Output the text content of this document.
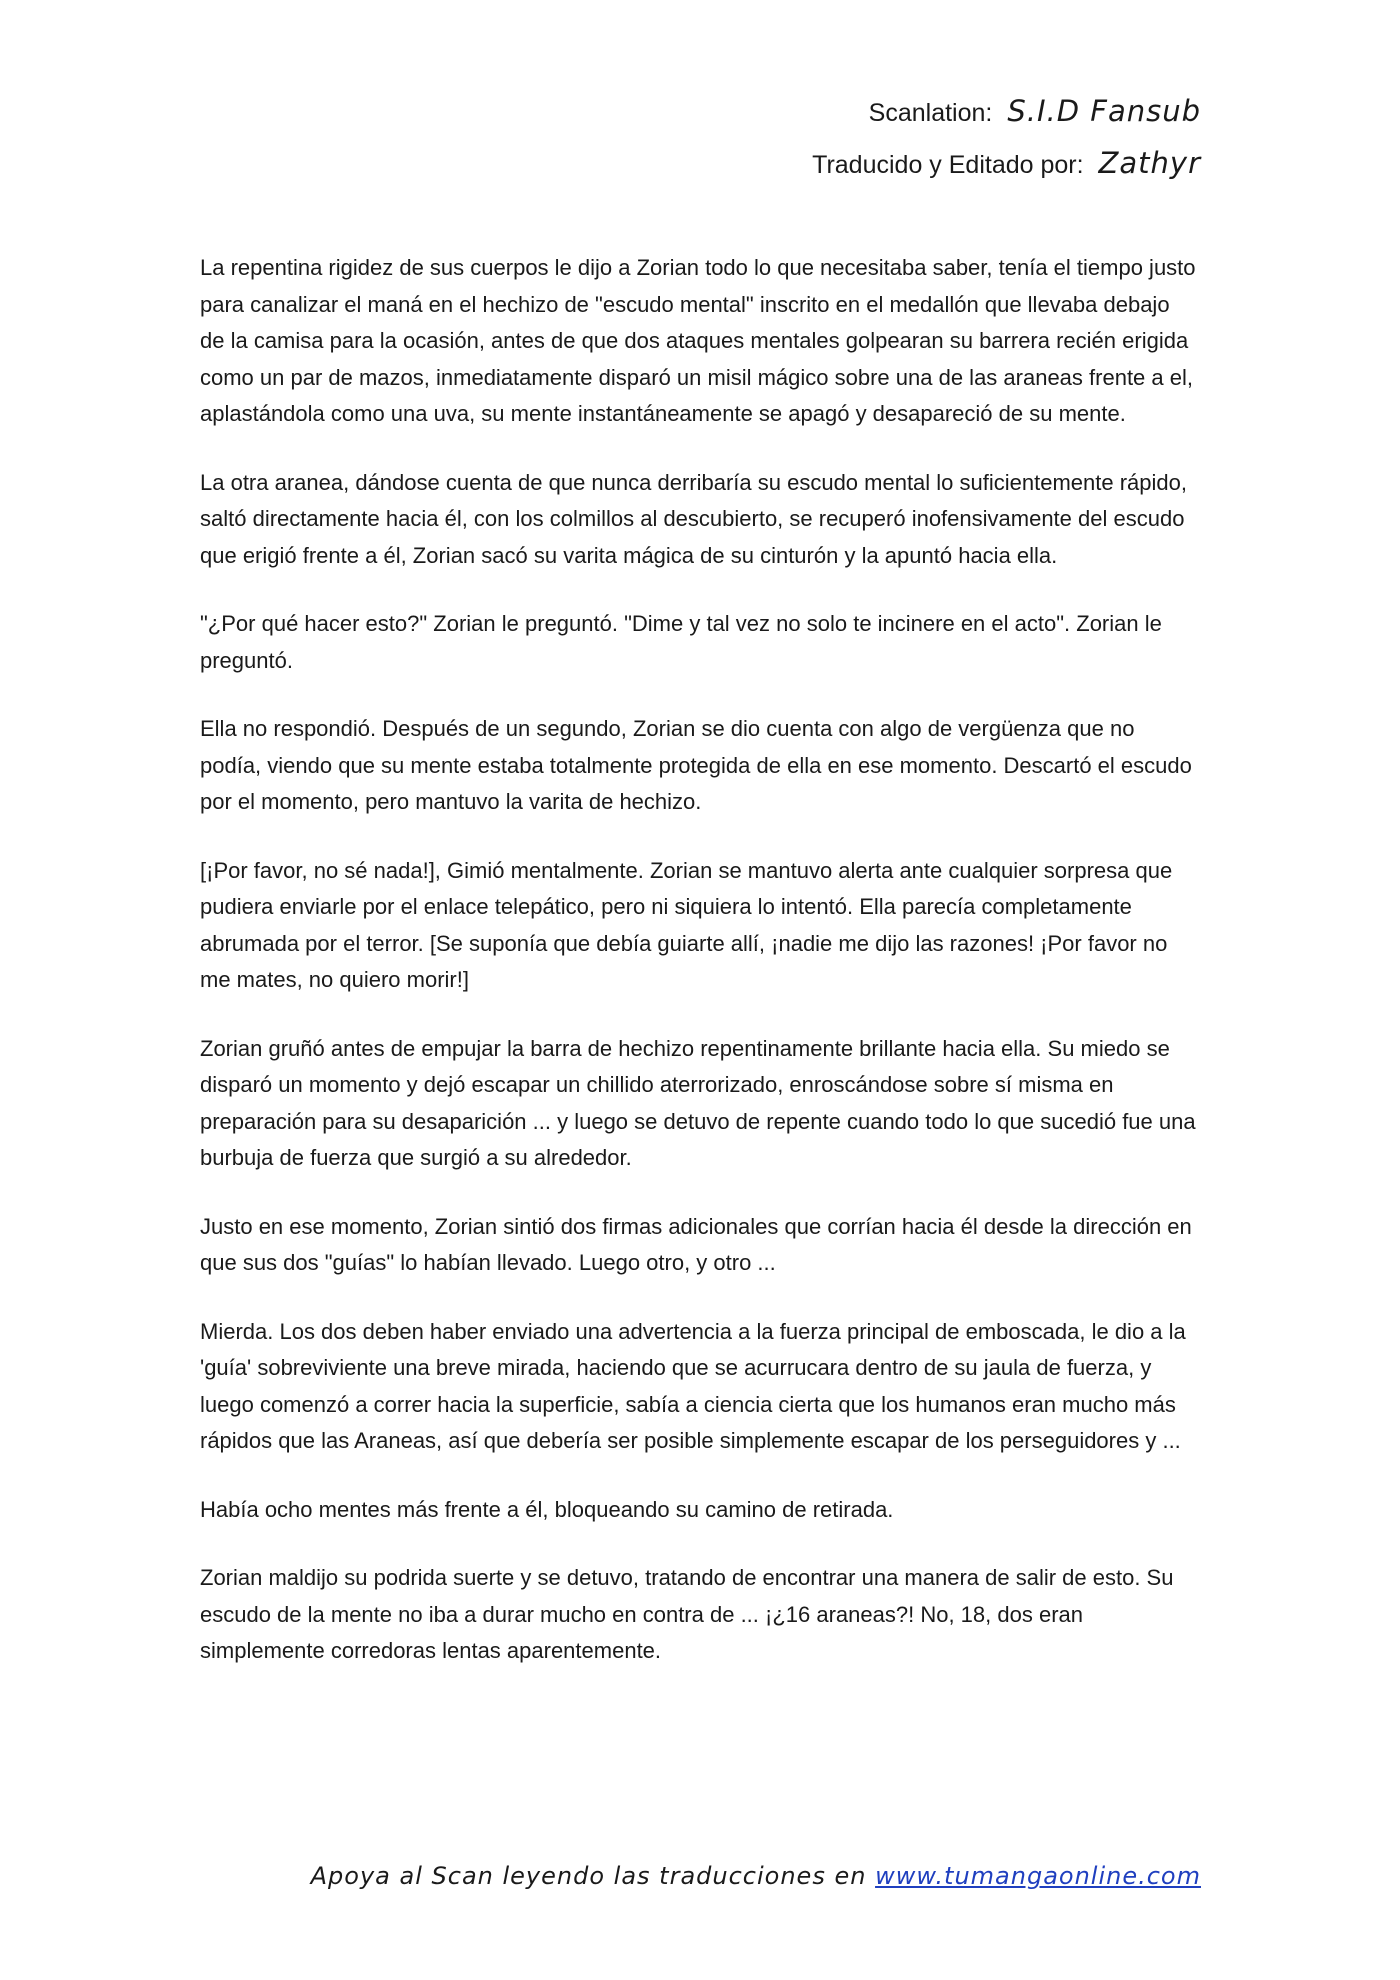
Scanlation: S.I.D Fansub
Traducido y Editado por: Zathyr

La repentina rigidez de sus cuerpos le dijo a Zorian todo lo que necesitaba saber, tenía el tiempo justo para canalizar el maná en el hechizo de "escudo mental" inscrito en el medallón que llevaba debajo de la camisa para la ocasión, antes de que dos ataques mentales golpearan su barrera recién erigida como un par de mazos, inmediatamente disparó un misil mágico sobre una de las araneas frente a el, aplastándola como una uva, su mente instantáneamente se apagó y desapareció de su mente.

La otra aranea, dándose cuenta de que nunca derribaría su escudo mental lo suficientemente rápido, saltó directamente hacia él, con los colmillos al descubierto, se recuperó inofensivamente del escudo que erigió frente a él, Zorian sacó su varita mágica de su cinturón y la apuntó hacia ella.

"¿Por qué hacer esto?" Zorian le preguntó. "Dime y tal vez no solo te incinere en el acto". Zorian le preguntó.

Ella no respondió. Después de un segundo, Zorian se dio cuenta con algo de vergüenza que no podía, viendo que su mente estaba totalmente protegida de ella en ese momento. Descartó el escudo por el momento, pero mantuvo la varita de hechizo.

[¡Por favor, no sé nada!], Gimió mentalmente. Zorian se mantuvo alerta ante cualquier sorpresa que pudiera enviarle por el enlace telepático, pero ni siquiera lo intentó. Ella parecía completamente abrumada por el terror. [Se suponía que debía guiarte allí, ¡nadie me dijo las razones! ¡Por favor no me mates, no quiero morir!]

Zorian gruñó antes de empujar la barra de hechizo repentinamente brillante hacia ella. Su miedo se disparó un momento y dejó escapar un chillido aterrorizado, enroscándose sobre sí misma en preparación para su desaparición ... y luego se detuvo de repente cuando todo lo que sucedió fue una burbuja de fuerza que surgió a su alrededor.

Justo en ese momento, Zorian sintió dos firmas adicionales que corrían hacia él desde la dirección en que sus dos "guías" lo habían llevado. Luego otro, y otro ...

Mierda. Los dos deben haber enviado una advertencia a la fuerza principal de emboscada, le dio a la 'guía' sobreviviente una breve mirada, haciendo que se acurrucara dentro de su jaula de fuerza, y luego comenzó a correr hacia la superficie, sabía a ciencia cierta que los humanos eran mucho más rápidos que las Araneas, así que debería ser posible simplemente escapar de los perseguidores y ...

Había ocho mentes más frente a él, bloqueando su camino de retirada.

Zorian maldijo su podrida suerte y se detuvo, tratando de encontrar una manera de salir de esto. Su escudo de la mente no iba a durar mucho en contra de ... ¡¿16 araneas?! No, 18, dos eran simplemente corredoras lentas aparentemente.

Apoya al Scan leyendo las traducciones en www.tumangaonline.com
